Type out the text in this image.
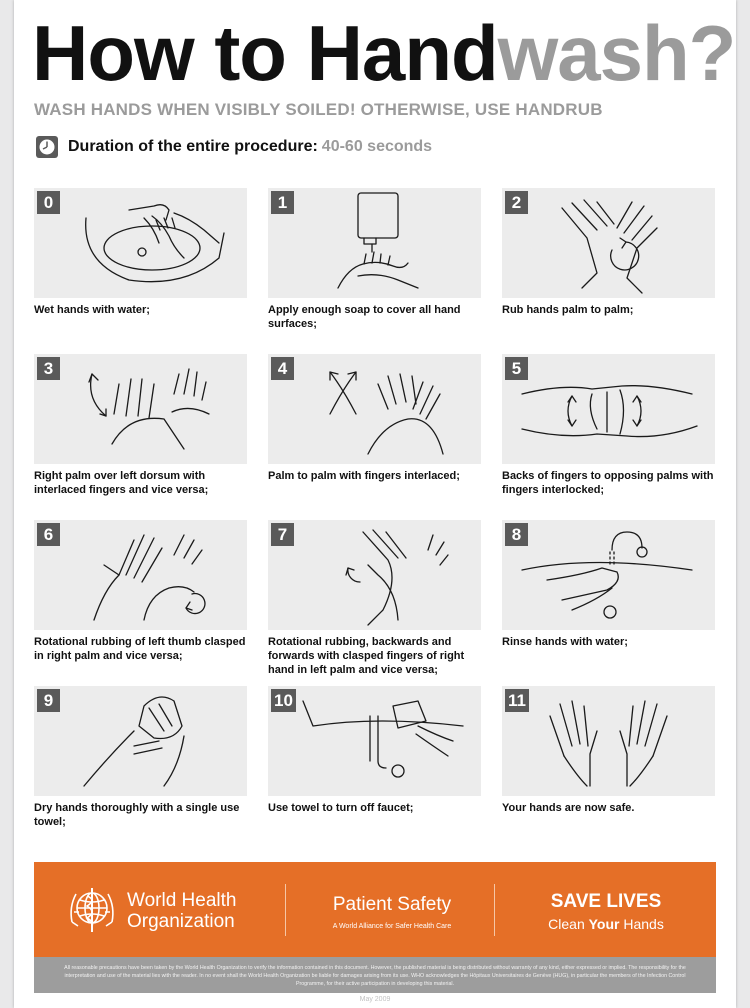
How to Handwash?
WASH HANDS WHEN VISIBLY SOILED! OTHERWISE, USE HANDRUB
Duration of the entire procedure: 40-60 seconds
0
Wet hands with water;
1
Apply enough soap to cover all hand surfaces;
2
Rub hands palm to palm;
3
Right palm over left dorsum with interlaced fingers and vice versa;
4
Palm to palm with fingers interlaced;
5
Backs of fingers to opposing palms with fingers interlocked;
6
Rotational rubbing of left thumb clasped in right palm and vice versa;
7
Rotational rubbing, backwards and forwards with clasped fingers of right hand in left palm and vice versa;
8
Rinse hands with water;
9
Dry hands thoroughly with a single use towel;
10
Use towel to turn off faucet;
11
Your hands are now safe.
World Health
Organization
Patient Safety
A World Alliance for Safer Health Care
SAVE LIVES
Clean Your Hands
All reasonable precautions have been taken by the World Health Organization to verify the information contained in this document. However, the published material is being distributed without warranty of any kind, either expressed or implied. The responsibility for the interpretation and use of the material lies with the reader. In no event shall the World Health Organization be liable for damages arising from its use. WHO acknowledges the Hôpitaux Universitaires de Genève (HUG), in particular the members of the Infection Control Programme, for their active participation in developing this material.
May 2009
